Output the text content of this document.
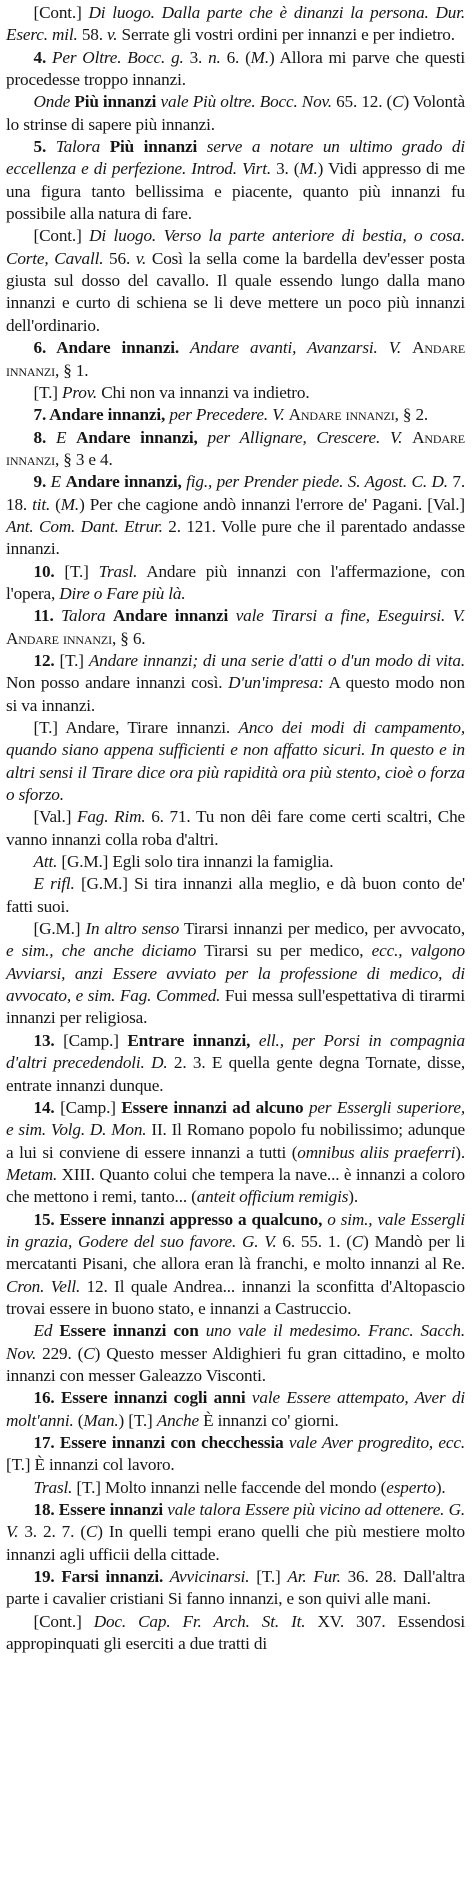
[Cont.] Di luogo. Dalla parte che è dinanzi la persona. Dur. Eserc. mil. 58. v. Serrate gli vostri ordini per innanzi e per indietro.

4. Per Oltre. Bocc. g. 3. n. 6. (M.) Allora mi parve che questi procedesse troppo innanzi.

Onde Più innanzi vale Più oltre. Bocc. Nov. 65. 12. (C) Volontà lo strinse di sapere più innanzi.

5. Talora Più innanzi serve a notare un ultimo grado di eccellenza e di perfezione. Introd. Virt. 3. (M.) Vidi appresso di me una figura tanto bellissima e piacente, quanto più innanzi fu possibile alla natura di fare.

[Cont.] Di luogo. Verso la parte anteriore di bestia, o cosa. Corte, Cavall. 56. v. Così la sella come la bardella dev'esser posta giusta sul dosso del cavallo. Il quale essendo lungo dalla mano innanzi e curto di schiena se li deve mettere un poco più innanzi dell'ordinario.

6. Andare innanzi. Andare avanti, Avanzarsi. V. Andare innanzi, § 1.

[T.] Prov. Chi non va innanzi va indietro.

7. Andare innanzi, per Precedere. V. Andare innanzi, § 2.

8. E Andare innanzi, per Allignare, Crescere. V. Andare innanzi, § 3 e 4.

9. E Andare innanzi, fig., per Prender piede. S. Agost. C. D. 7. 18. tit. (M.) Per che cagione andò innanzi l'errore de' Pagani. [Val.] Ant. Com. Dant. Etrur. 2. 121. Volle pure che il parentado andasse innanzi.

10. [T.] Trasl. Andare più innanzi con l'affermazione, con l'opera, Dire o Fare più là.

11. Talora Andare innanzi vale Tirarsi a fine, Eseguirsi. V. Andare innanzi, § 6.

12. [T.] Andare innanzi; di una serie d'atti o d'un modo di vita. Non posso andare innanzi così. D'un'impresa: A questo modo non si va innanzi.

[T.] Andare, Tirare innanzi. Anco dei modi di campamento, quando siano appena sufficienti e non affatto sicuri. In questo e in altri sensi il Tirare dice ora più rapidità ora più stento, cioè o forza o sforzo.

[Val.] Fag. Rim. 6. 71. Tu non dêi fare come certi scaltri, Che vanno innanzi colla roba d'altri.

Att. [G.M.] Egli solo tira innanzi la famiglia.

E rifl. [G.M.] Si tira innanzi alla meglio, e dà buon conto de' fatti suoi.

[G.M.] In altro senso Tirarsi innanzi per medico, per avvocato, e sim., che anche diciamo Tirarsi su per medico, ecc., valgono Avviarsi, anzi Essere avviato per la professione di medico, di avvocato, e sim. Fag. Commed. Fui messa sull'espettativa di tirarmi innanzi per religiosa.

13. [Camp.] Entrare innanzi, ell., per Porsi in compagnia d'altri precedendoli. D. 2. 3. E quella gente degna Tornate, disse, entrate innanzi dunque.

14. [Camp.] Essere innanzi ad alcuno per Essergli superiore, e sim. Volg. D. Mon. II. Il Romano popolo fu nobilissimo; adunque a lui si conviene di essere innanzi a tutti (omnibus aliis praeferri). Metam. XIII. Quanto colui che tempera la nave... è innanzi a coloro che mettono i remi, tanto... (anteit officium remigis).

15. Essere innanzi appresso a qualcuno, o sim., vale Essergli in grazia, Godere del suo favore. G. V. 6. 55. 1. (C) Mandò per li mercatanti Pisani, che allora eran là franchi, e molto innanzi al Re. Cron. Vell. 12. Il quale Andrea... innanzi la sconfitta d'Altopascio trovai essere in buono stato, e innanzi a Castruccio.

Ed Essere innanzi con uno vale il medesimo. Franc. Sacch. Nov. 229. (C) Questo messer Aldighieri fu gran cittadino, e molto innanzi con messer Galeazzo Visconti.

16. Essere innanzi cogli anni vale Essere attempato, Aver di molt'anni. (Man.) [T.] Anche È innanzi co' giorni.

17. Essere innanzi con checchessia vale Aver progredito, ecc. [T.] È innanzi col lavoro.

Trasl. [T.] Molto innanzi nelle faccende del mondo (esperto).

18. Essere innanzi vale talora Essere più vicino ad ottenere. G. V. 3. 2. 7. (C) In quelli tempi erano quelli che più mestiere molto innanzi agli ufficii della cittade.

19. Farsi innanzi. Avvicinarsi. [T.] Ar. Fur. 36. 28. Dall'altra parte i cavalier cristiani Si fanno innanzi, e son quivi alle mani.

[Cont.] Doc. Cap. Fr. Arch. St. It. XV. 307. Essendosi appropinquati gli eserciti a due tratti di
